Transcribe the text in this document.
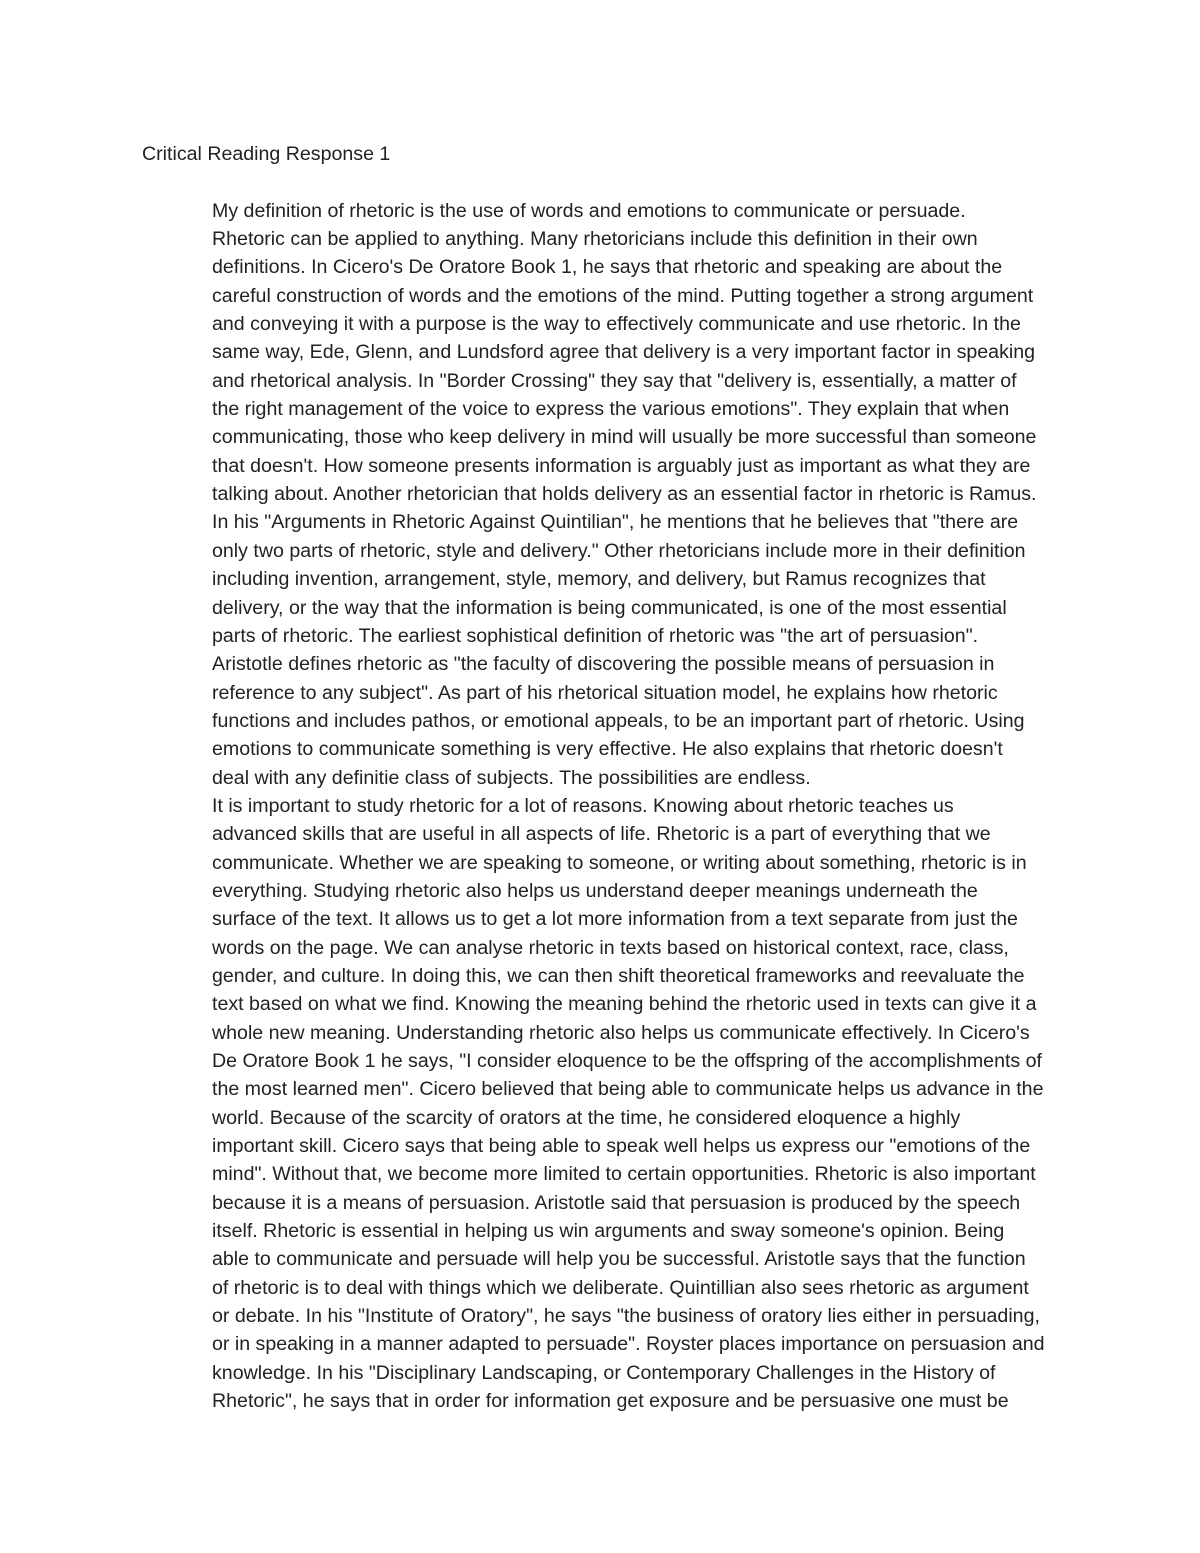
Critical Reading Response 1

My definition of rhetoric is the use of words and emotions to communicate or persuade.
Rhetoric can be applied to anything. Many rhetoricians include this definition in their own
definitions. In Cicero's De Oratore Book 1, he says that rhetoric and speaking are about the
careful construction of words and the emotions of the mind. Putting together a strong argument
and conveying it with a purpose is the way to effectively communicate and use rhetoric. In the
same way, Ede, Glenn, and Lundsford agree that delivery is a very important factor in speaking
and rhetorical analysis. In "Border Crossing" they say that "delivery is, essentially, a matter of
the right management of the voice to express the various emotions". They explain that when
communicating, those who keep delivery in mind will usually be more successful than someone
that doesn't. How someone presents information is arguably just as important as what they are
talking about. Another rhetorician that holds delivery as an essential factor in rhetoric is Ramus.
In his "Arguments in Rhetoric Against Quintilian", he mentions that he believes that "there are
only two parts of rhetoric, style and delivery." Other rhetoricians include more in their definition
including invention, arrangement, style, memory, and delivery, but Ramus recognizes that
delivery, or the way that the information is being communicated, is one of the most essential
parts of rhetoric. The earliest sophistical definition of rhetoric was "the art of persuasion".
Aristotle defines rhetoric as "the faculty of discovering the possible means of persuasion in
reference to any subject". As part of his rhetorical situation model, he explains how rhetoric
functions and includes pathos, or emotional appeals, to be an important part of rhetoric. Using
emotions to communicate something is very effective. He also explains that rhetoric doesn't
deal with any definitie class of subjects. The possibilities are endless.

It is important to study rhetoric for a lot of reasons. Knowing about rhetoric teaches us
advanced skills that are useful in all aspects of life. Rhetoric is a part of everything that we
communicate. Whether we are speaking to someone, or writing about something, rhetoric is in
everything. Studying rhetoric also helps us understand deeper meanings underneath the
surface of the text. It allows us to get a lot more information from a text separate from just the
words on the page. We can analyse rhetoric in texts based on historical context, race, class,
gender, and culture. In doing this, we can then shift theoretical frameworks and reevaluate the
text based on what we find. Knowing the meaning behind the rhetoric used in texts can give it a
whole new meaning. Understanding rhetoric also helps us communicate effectively. In Cicero's
De Oratore Book 1 he says, "I consider eloquence to be the offspring of the accomplishments of
the most learned men". Cicero believed that being able to communicate helps us advance in the
world. Because of the scarcity of orators at the time, he considered eloquence a highly
important skill. Cicero says that being able to speak well helps us express our "emotions of the
mind". Without that, we become more limited to certain opportunities. Rhetoric is also important
because it is a means of persuasion. Aristotle said that persuasion is produced by the speech
itself. Rhetoric is essential in helping us win arguments and sway someone's opinion. Being
able to communicate and persuade will help you be successful. Aristotle says that the function
of rhetoric is to deal with things which we deliberate. Quintillian also sees rhetoric as argument
or debate. In his "Institute of Oratory", he says "the business of oratory lies either in persuading,
or in speaking in a manner adapted to persuade". Royster places importance on persuasion and
knowledge. In his "Disciplinary Landscaping, or Contemporary Challenges in the History of
Rhetoric", he says that in order for information get exposure and be persuasive one must be
